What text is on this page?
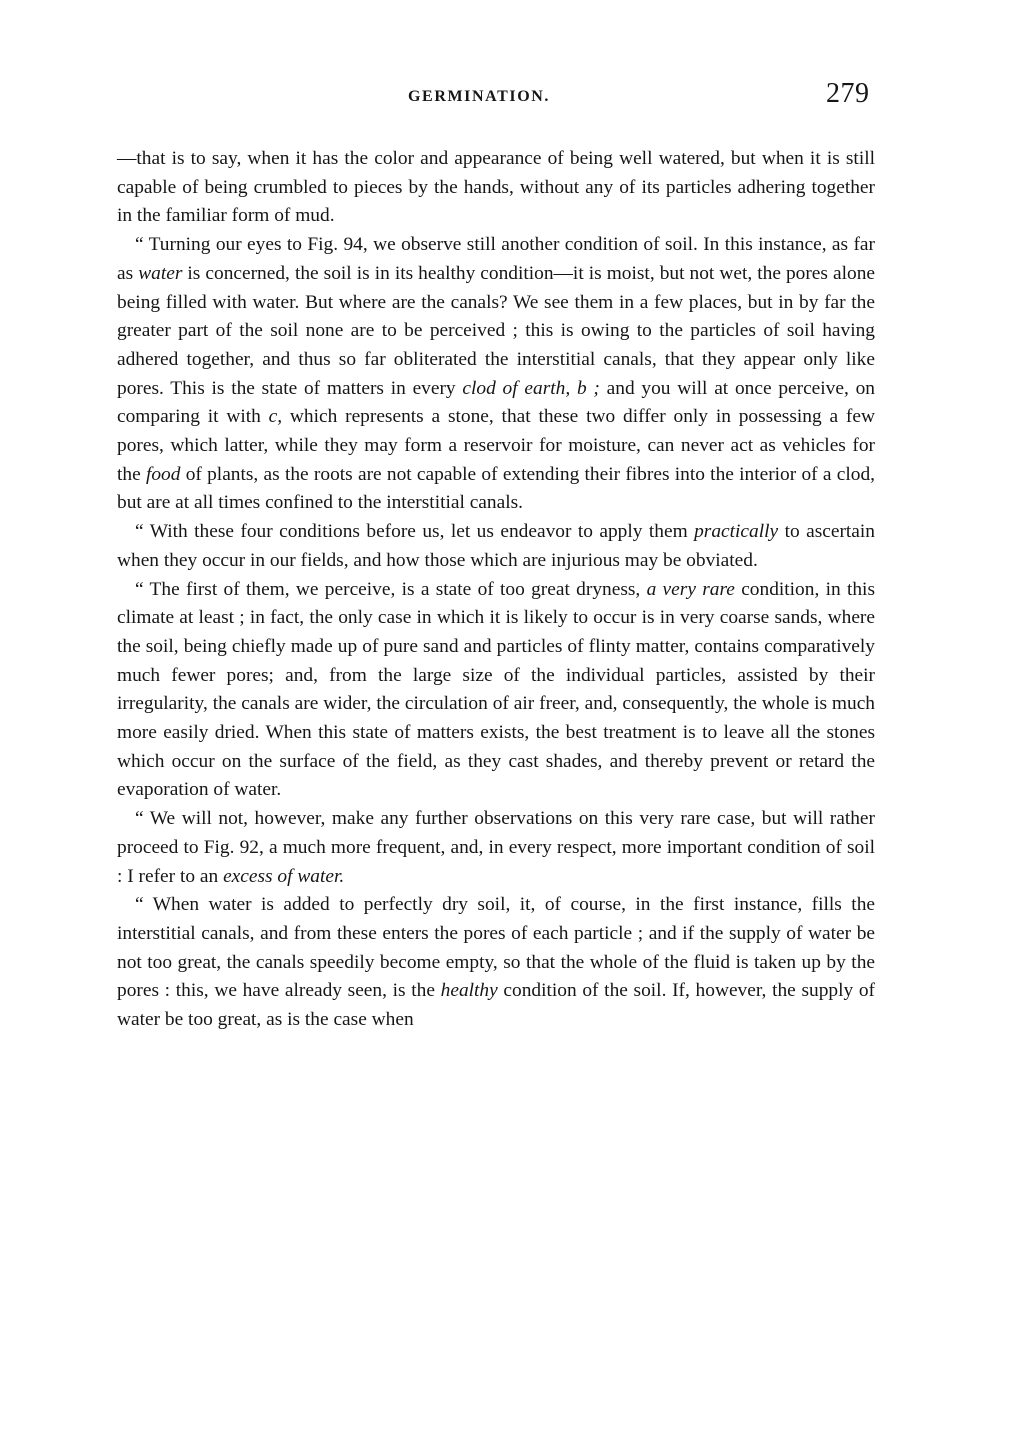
GERMINATION.	279

—that is to say, when it has the color and appearance of being well watered, but when it is still capable of being crumbled to pieces by the hands, without any of its particles adhering together in the familiar form of mud.

“ Turning our eyes to Fig. 94, we observe still another condition of soil. In this instance, as far as water is concerned, the soil is in its healthy condition—it is moist, but not wet, the pores alone being filled with water. But where are the canals? We see them in a few places, but in by far the greater part of the soil none are to be perceived ; this is owing to the particles of soil having adhered together, and thus so far obliterated the interstitial canals, that they appear only like pores. This is the state of matters in every clod of earth, b ; and you will at once perceive, on comparing it with c, which represents a stone, that these two differ only in possessing a few pores, which latter, while they may form a reservoir for moisture, can never act as vehicles for the food of plants, as the roots are not capable of extending their fibres into the interior of a clod, but are at all times confined to the interstitial canals.

“ With these four conditions before us, let us endeavor to apply them practically to ascertain when they occur in our fields, and how those which are injurious may be obviated.

“ The first of them, we perceive, is a state of too great dryness, a very rare condition, in this climate at least ; in fact, the only case in which it is likely to occur is in very coarse sands, where the soil, being chiefly made up of pure sand and particles of flinty matter, contains comparatively much fewer pores; and, from the large size of the individual particles, assisted by their irregularity, the canals are wider, the circulation of air freer, and, consequently, the whole is much more easily dried. When this state of matters exists, the best treatment is to leave all the stones which occur on the surface of the field, as they cast shades, and thereby prevent or retard the evaporation of water.

“ We will not, however, make any further observations on this very rare case, but will rather proceed to Fig. 92, a much more frequent, and, in every respect, more important condition of soil : I refer to an excess of water.

“ When water is added to perfectly dry soil, it, of course, in the first instance, fills the interstitial canals, and from these enters the pores of each particle ; and if the supply of water be not too great, the canals speedily become empty, so that the whole of the fluid is taken up by the pores : this, we have already seen, is the healthy condition of the soil. If, however, the supply of water be too great, as is the case when
